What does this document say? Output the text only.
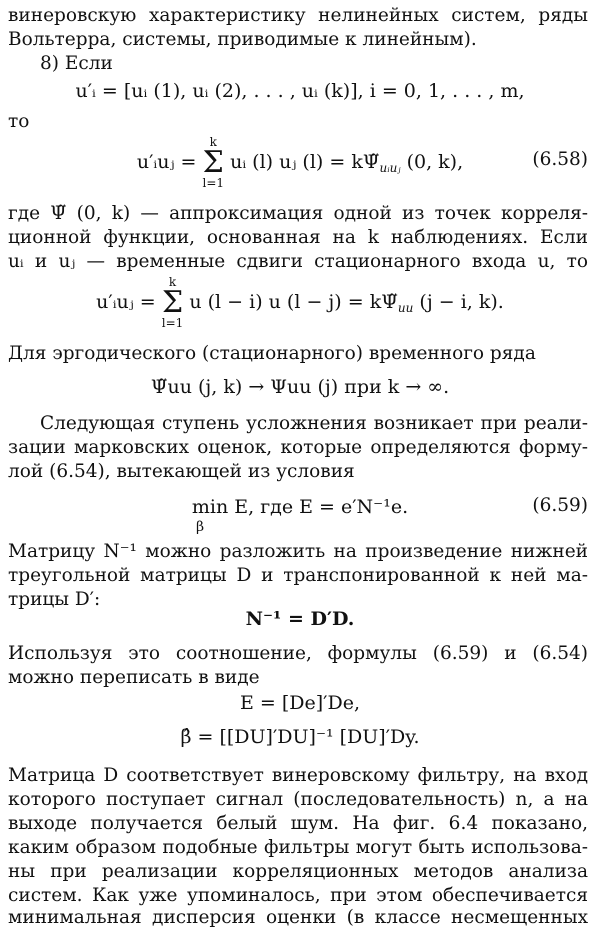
винеровскую характеристику нелинейных систем, ряды
Вольтерра, системы, приводимые к линейным).
8) Если
u′ᵢ = [uᵢ (1), uᵢ (2), . . . , uᵢ (k)], i = 0, 1, . . . , m,
то
u′ᵢuⱼ = k
Σ
l=1 uᵢ (l) uⱼ $(l) = k\Psĩ_{uᵢuⱼ}$ (0, k),	(6.58)
где Ψ̃ (0, k) — аппроксимация одной из точек корреля-
ционной функции, основанная на k наблюдениях. Если
uᵢ и uⱼ — временные сдвиги стационарного входа u, то
u′ᵢuⱼ = k
Σ
l=1 u (l − i) u $(l - j) = k\Psĩ_{uu}$ (j − i, k).
Для эргодического (стационарного) временного ряда
Ψ̃uu (j, k) → Ψuu (j) при k → ∞.
Следующая ступень усложнения возникает при реали-
зации марковских оценок, которые определяются форму-
лой (6.54), вытекающей из условия
min E, где E = e′N⁻¹e.
β
(6.59)
Матрицу N⁻¹ можно разложить на произведение нижней
треугольной матрицы D и транспонированной к ней ма-
трицы D′:
N⁻¹ = D′D.
Используя это соотношение, формулы (6.59) и (6.54)
можно переписать в виде
E = [De]′De,
β̂ = [[DU]′DU]⁻¹ [DU]′Dy.
Матрица D соответствует винеровскому фильтру, на вход
которого поступает сигнал (последовательность) n, а на
выходе получается белый шум. На фиг. 6.4 показано,
каким образом подобные фильтры могут быть использова-
ны при реализации корреляционных методов анализа
систем. Как уже упоминалось, при этом обеспечивается
минимальная дисперсия оценки (в классе несмещенных
